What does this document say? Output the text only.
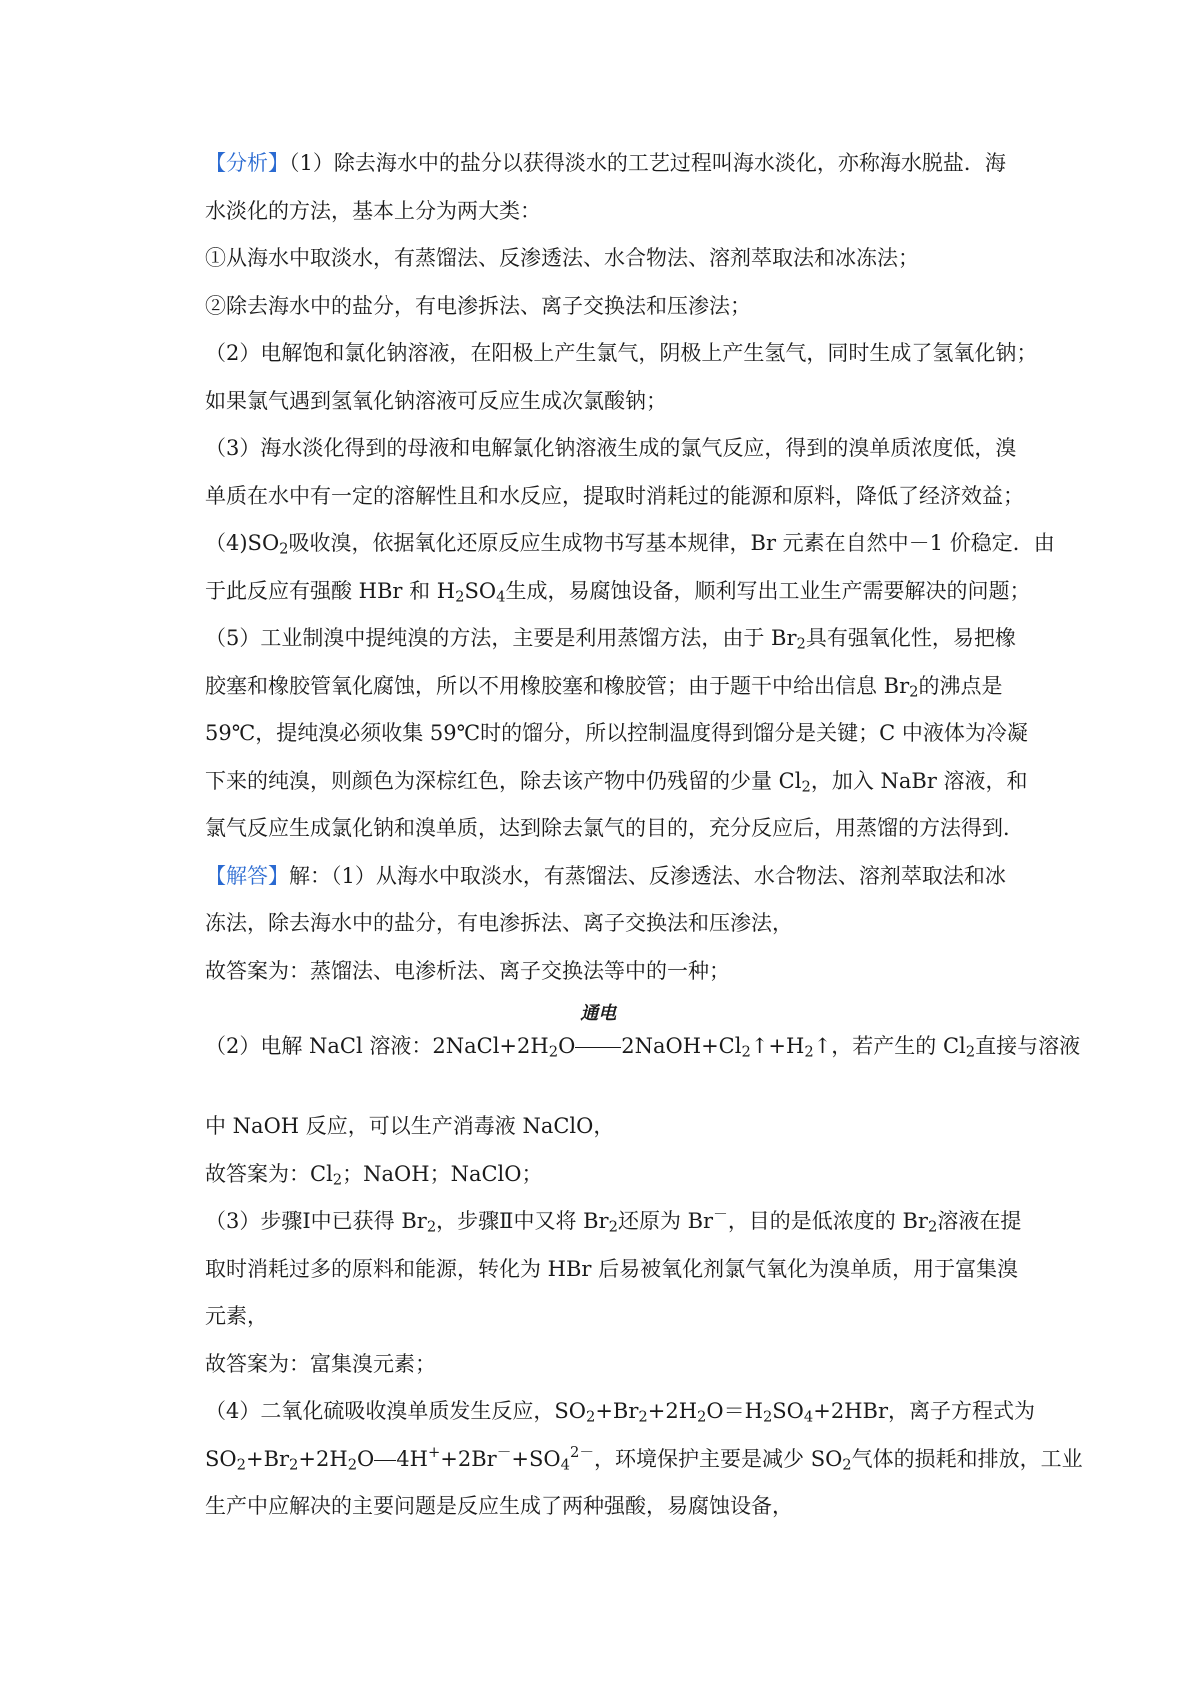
【分析】（1）除去海水中的盐分以获得淡水的工艺过程叫海水淡化，亦称海水脱盐．海
水淡化的方法，基本上分为两大类：
①从海水中取淡水，有蒸馏法、反渗透法、水合物法、溶剂萃取法和冰冻法；
②除去海水中的盐分，有电渗拆法、离子交换法和压渗法；
（2）电解饱和氯化钠溶液，在阳极上产生氯气，阴极上产生氢气，同时生成了氢氧化钠；
如果氯气遇到氢氧化钠溶液可反应生成次氯酸钠；
（3）海水淡化得到的母液和电解氯化钠溶液生成的氯气反应，得到的溴单质浓度低，溴
单质在水中有一定的溶解性且和水反应，提取时消耗过的能源和原料，降低了经济效益；
$(4)SO_2$吸收溴，依据氧化还原反应生成物书写基本规律，Br 元素在自然中－1 价稳定．由
于此反应有强酸 HBr 和 $H_2SO_4$生成，易腐蚀设备，顺利写出工业生产需要解决的问题；
（5）工业制溴中提纯溴的方法，主要是利用蒸馏方法，由于 $Br_2$具有强氧化性，易把橡
胶塞和橡胶管氧化腐蚀，所以不用橡胶塞和橡胶管；由于题干中给出信息 $Br_2$的沸点是
59℃，提纯溴必须收集 59℃时的馏分，所以控制温度得到馏分是关键；C 中液体为冷凝
下来的纯溴，则颜色为深棕红色，除去该产物中仍残留的少量 $Cl_2$，加入 NaBr 溶液，和
氯气反应生成氯化钠和溴单质，达到除去氯气的目的，充分反应后，用蒸馏的方法得到．
【解答】解：（1）从海水中取淡水，有蒸馏法、反渗透法、水合物法、溶剂萃取法和冰
冻法，除去海水中的盐分，有电渗拆法、离子交换法和压渗法，
故答案为：蒸馏法、电渗析法、离子交换法等中的一种；
（2）电解 NaCl 溶液：$2NaCl+2H_2O$
通电
$2NaOH+Cl_2↑+H_2↑$，若产生的 $Cl_2$直接与溶液
中 NaOH 反应，可以生产消毒液 NaClO，
故答案为：$Cl_2$；NaOH；NaClO；
（3）步骤Ⅰ中已获得 $Br_2$，步骤Ⅱ中又将 $Br_2$还原为 Br－，目的是低浓度的 $Br_2$溶液在提
取时消耗过多的原料和能源，转化为 HBr 后易被氧化剂氯气氧化为溴单质，用于富集溴
元素，
故答案为：富集溴元素；
（4）二氧化硫吸收溴单质发生反应，$SO_2+Br_2+2H_2O=H_2SO_4+2HBr$，离子方程式为
$SO_2+Br_2+2H_2O$ $4H^++2Br^-+SO_4^{2-}$，环境保护主要是减少 $SO_2$气体的损耗和排放，工业
生产中应解决的主要问题是反应生成了两种强酸，易腐蚀设备，
